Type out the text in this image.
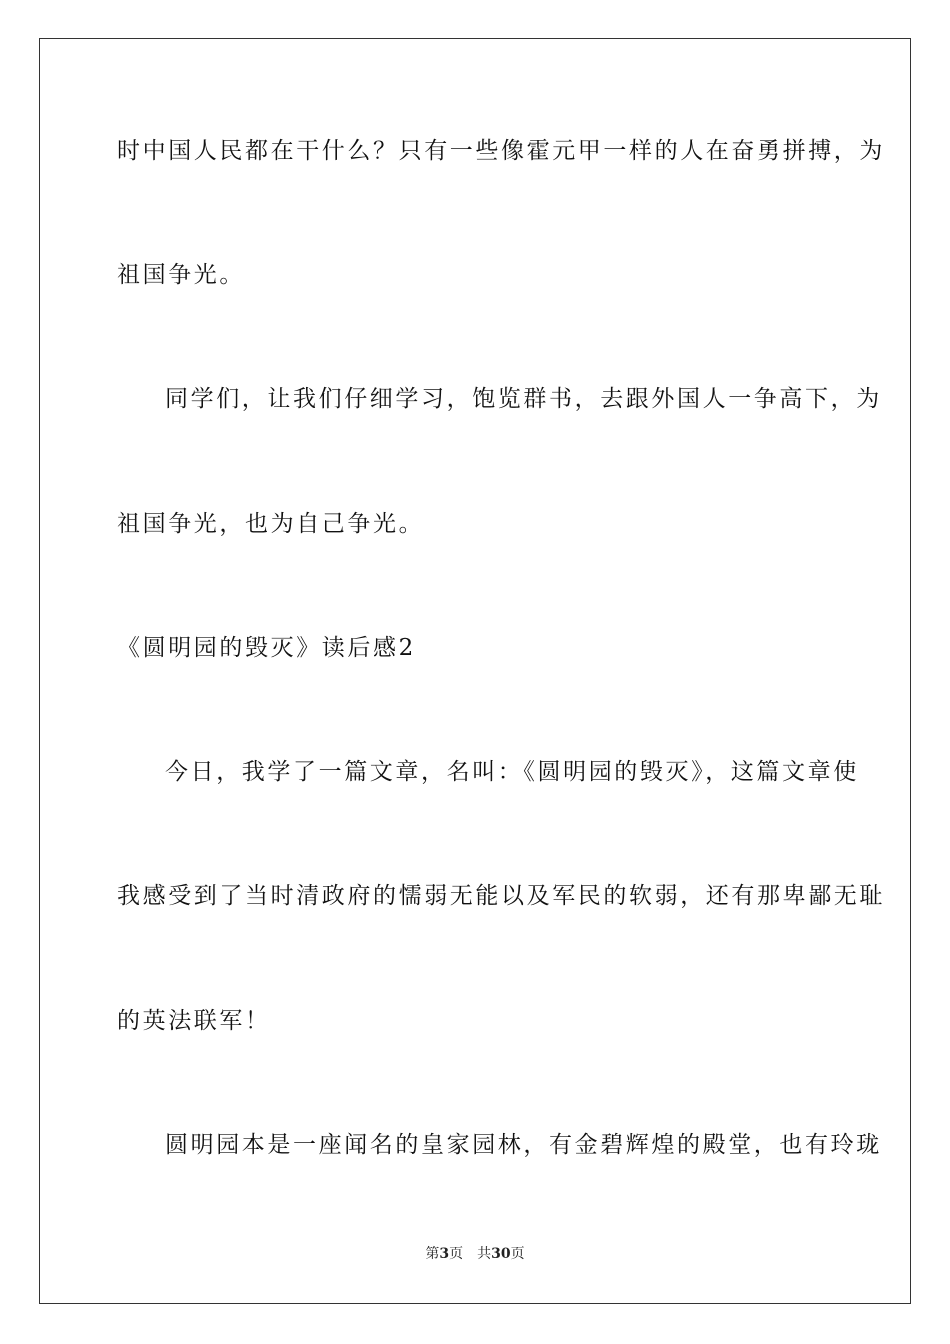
时中国人民都在干什么？只有一些像霍元甲一样的人在奋勇拼搏，为
祖国争光。
同学们，让我们仔细学习，饱览群书，去跟外国人一争高下，为
祖国争光，也为自己争光。
《圆明园的毁灭》读后感2
今日，我学了一篇文章，名叫：《圆明园的毁灭》，这篇文章使
我感受到了当时清政府的懦弱无能以及军民的软弱，还有那卑鄙无耻
的英法联军！
圆明园本是一座闻名的皇家园林，有金碧辉煌的殿堂，也有玲珑
第3页 共30页
